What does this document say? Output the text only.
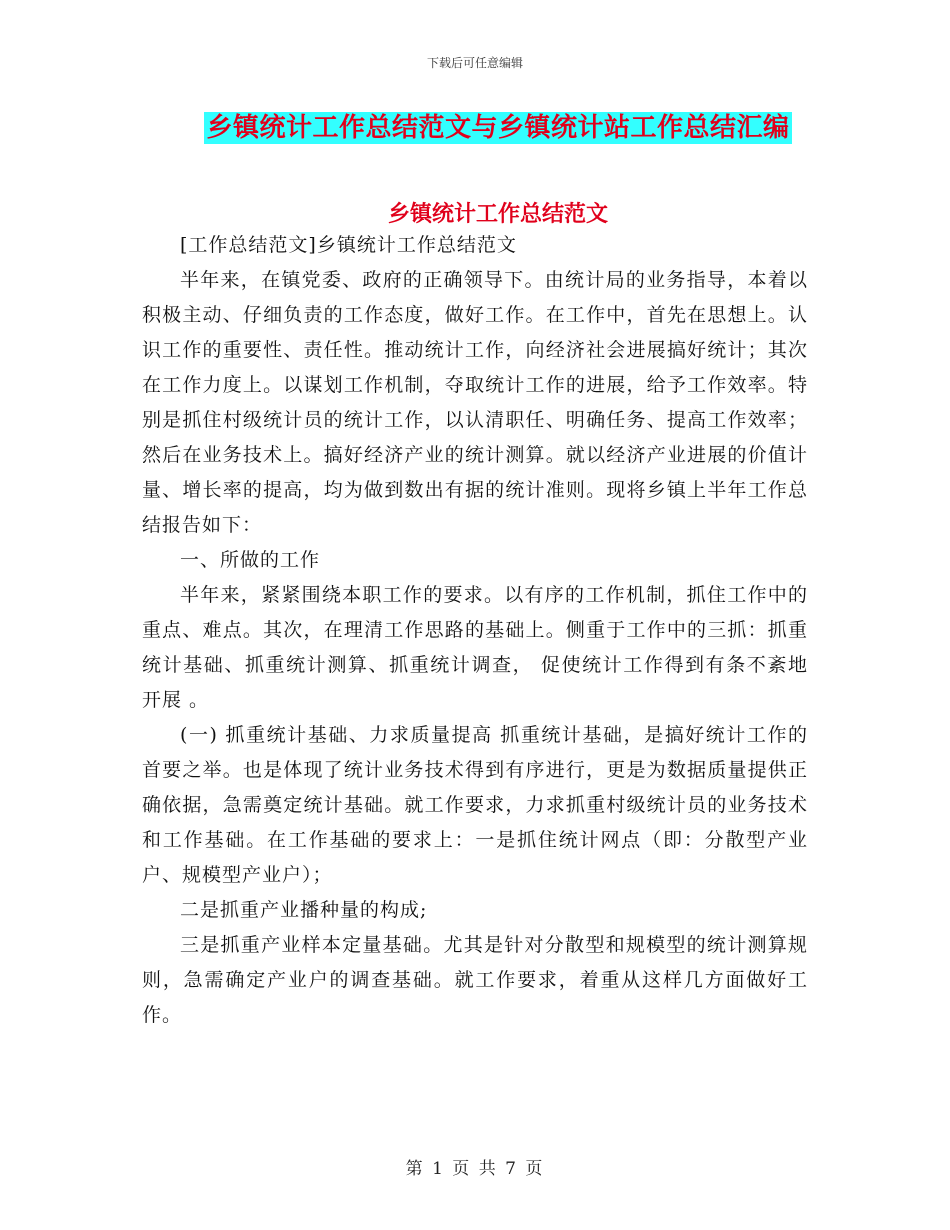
下载后可任意编辑
乡镇统计工作总结范文与乡镇统计站工作总结汇编
乡镇统计工作总结范文

[工作总结范文]乡镇统计工作总结范文

半年来，在镇党委、政府的正确领导下。由统计局的业务指导，本着以积极主动、仔细负责的工作态度，做好工作。在工作中，首先在思想上。认识工作的重要性、责任性。推动统计工作，向经济社会进展搞好统计；其次在工作力度上。以谋划工作机制，夺取统计工作的进展，给予工作效率。特别是抓住村级统计员的统计工作，以认清职任、明确任务、提高工作效率；然后在业务技术上。搞好经济产业的统计测算。就以经济产业进展的价值计量、增长率的提高，均为做到数出有据的统计准则。现将乡镇上半年工作总结报告如下：

一、所做的工作

半年来，紧紧围绕本职工作的要求。以有序的工作机制，抓住工作中的重点、难点。其次，在理清工作思路的基础上。侧重于工作中的三抓：抓重统计基础、抓重统计测算、抓重统计调查， 促使统计工作得到有条不紊地开展 。

(一) 抓重统计基础、力求质量提高 抓重统计基础，是搞好统计工作的首要之举。也是体现了统计业务技术得到有序进行，更是为数据质量提供正确依据，急需奠定统计基础。就工作要求，力求抓重村级统计员的业务技术和工作基础。在工作基础的要求上：一是抓住统计网点（即：分散型产业户、规模型产业户）；

二是抓重产业播种量的构成;

三是抓重产业样本定量基础。尤其是针对分散型和规模型的统计测算规则，急需确定产业户的调查基础。就工作要求，着重从这样几方面做好工作。

第 1 页 共 7 页
